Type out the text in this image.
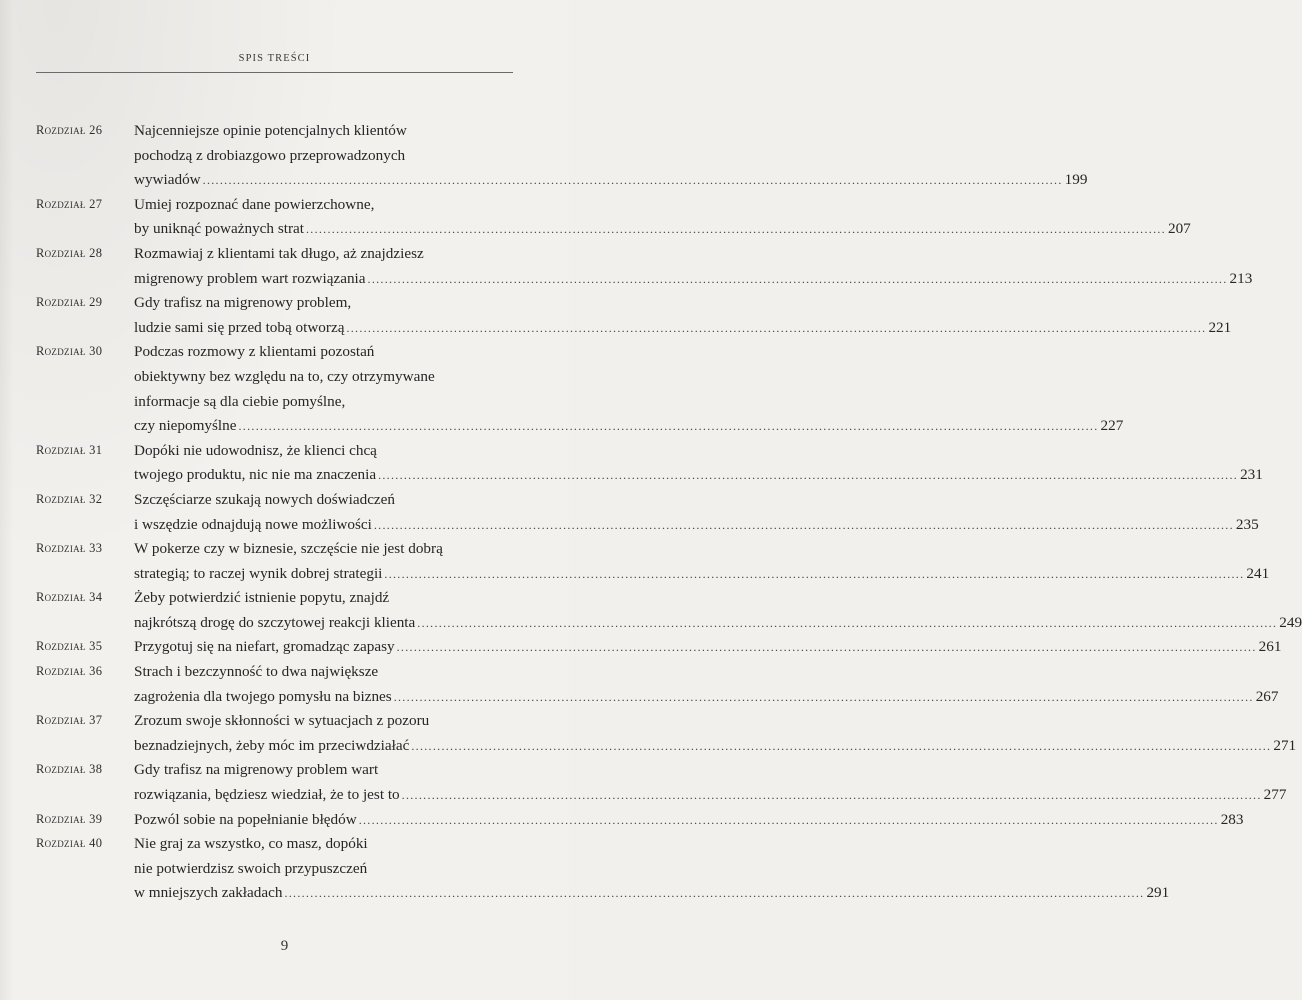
SPIS TREŚCI
Rozdział 26 Najcenniejsze opinie potencjalnych klientów
pochodzą z drobiazgowo przeprowadzonych
wywiadów ........................................................................................................................................................................................................ 199
Rozdział 27 Umiej rozpoznać dane powierzchowne,
by uniknąć poważnych strat ........................................................................................................................................................................................................ 207
Rozdział 28 Rozmawiaj z klientami tak długo, aż znajdziesz
migrenowy problem wart rozwiązania ........................................................................................................................................................................................................ 213
Rozdział 29 Gdy trafisz na migrenowy problem,
ludzie sami się przed tobą otworzą ........................................................................................................................................................................................................ 221
Rozdział 30 Podczas rozmowy z klientami pozostań
obiektywny bez względu na to, czy otrzymywane
informacje są dla ciebie pomyślne,
czy niepomyślne ........................................................................................................................................................................................................ 227
Rozdział 31 Dopóki nie udowodnisz, że klienci chcą
twojego produktu, nic nie ma znaczenia ........................................................................................................................................................................................................ 231
Rozdział 32 Szczęściarze szukają nowych doświadczeń
i wszędzie odnajdują nowe możliwości ........................................................................................................................................................................................................ 235
Rozdział 33 W pokerze czy w biznesie, szczęście nie jest dobrą
strategią; to raczej wynik dobrej strategii ........................................................................................................................................................................................................ 241
Rozdział 34 Żeby potwierdzić istnienie popytu, znajdź
najkrótszą drogę do szczytowej reakcji klienta ........................................................................................................................................................................................................ 249
Rozdział 35 Przygotuj się na niefart, gromadząc zapasy ........................................................................................................................................................................................................ 261
Rozdział 36 Strach i bezczynność to dwa największe
zagrożenia dla twojego pomysłu na biznes ........................................................................................................................................................................................................ 267
Rozdział 37 Zrozum swoje skłonności w sytuacjach z pozoru
beznadziejnych, żeby móc im przeciwdziałać ........................................................................................................................................................................................................ 271
Rozdział 38 Gdy trafisz na migrenowy problem wart
rozwiązania, będziesz wiedział, że to jest to ........................................................................................................................................................................................................ 277
Rozdział 39 Pozwól sobie na popełnianie błędów ........................................................................................................................................................................................................ 283
Rozdział 40 Nie graj za wszystko, co masz, dopóki
nie potwierdzisz swoich przypuszczeń
w mniejszych zakładach ........................................................................................................................................................................................................ 291
9
